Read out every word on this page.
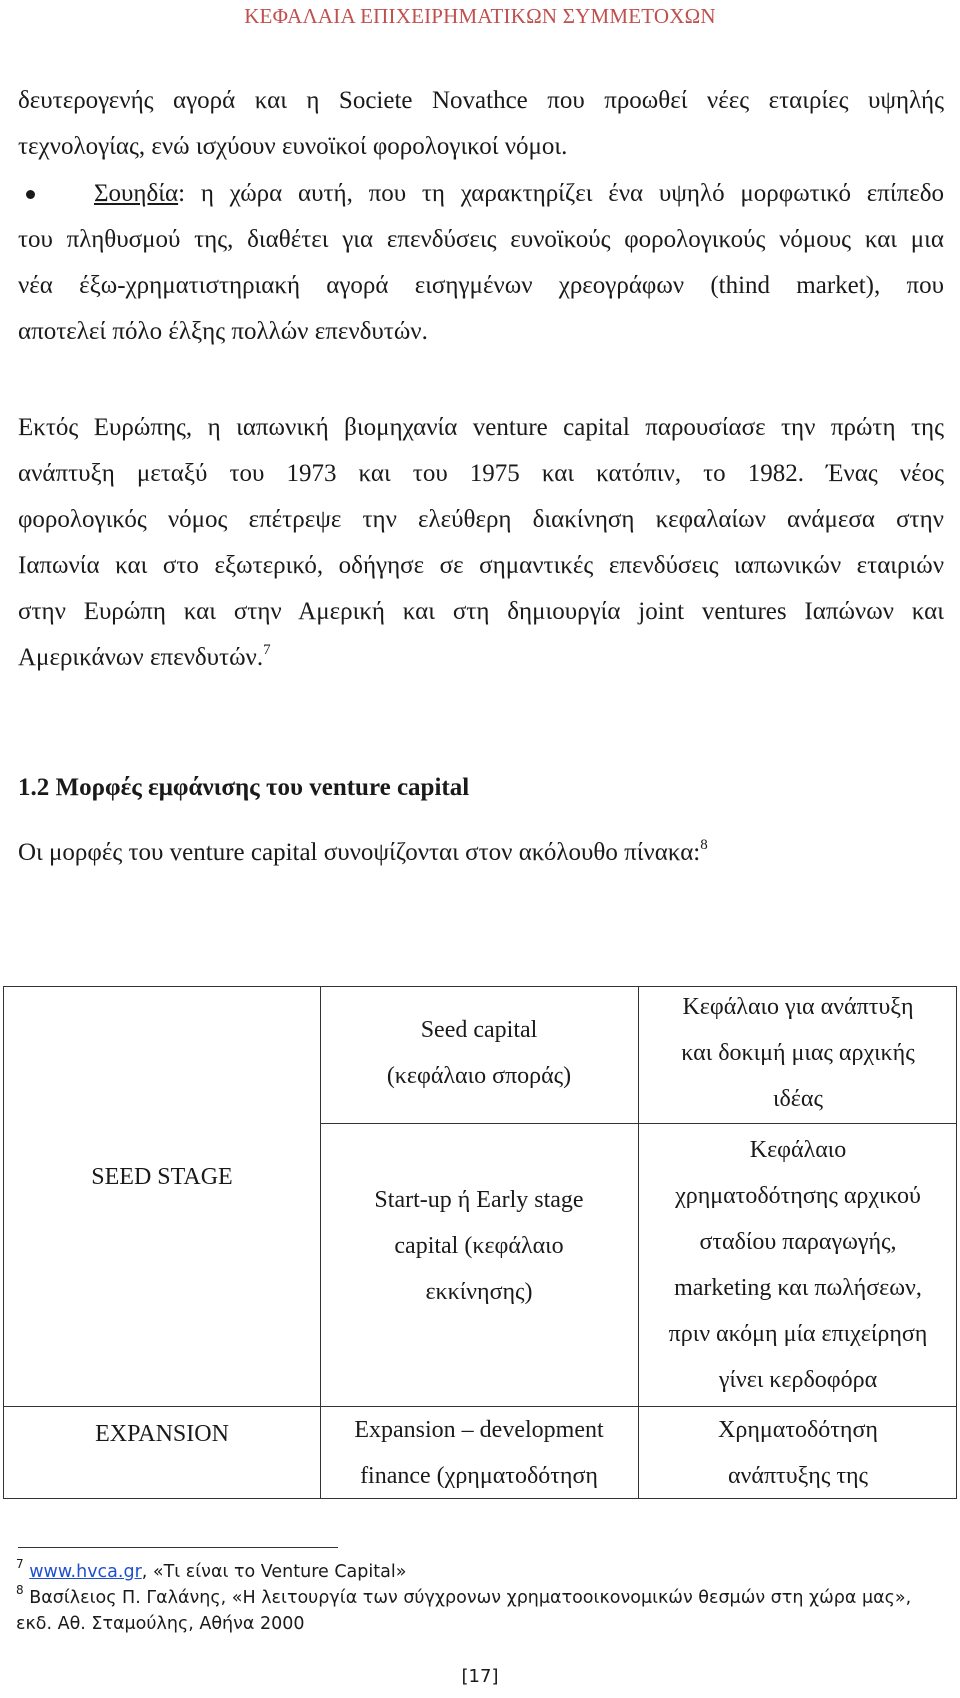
ΚΕΦΑΛΑΙΑ ΕΠΙΧΕΙΡΗΜΑΤΙΚΩΝ ΣΥΜΜΕΤΟΧΩΝ
δευτερογενής αγορά και η Societe Novathce που προωθεί νέες εταιρίες υψηλής
τεχνολογίας, ενώ ισχύουν ευνοϊκοί φορολογικοί νόμοι.
Σουηδία: η χώρα αυτή, που τη χαρακτηρίζει ένα υψηλό μορφωτικό επίπεδο
του πληθυσμού της, διαθέτει για επενδύσεις ευνοϊκούς φορολογικούς νόμους και μια
νέα έξω-χρηματιστηριακή αγορά εισηγμένων χρεογράφων (thind market), που
αποτελεί πόλο έλξης πολλών επενδυτών.
Εκτός Ευρώπης, η ιαπωνική βιομηχανία venture capital παρουσίασε την πρώτη της
ανάπτυξη μεταξύ του 1973 και του 1975 και κατόπιν, το 1982. Ένας νέος
φορολογικός νόμος επέτρεψε την ελεύθερη διακίνηση κεφαλαίων ανάμεσα στην
Ιαπωνία και στο εξωτερικό, οδήγησε σε σημαντικές επενδύσεις ιαπωνικών εταιριών
στην Ευρώπη και στην Αμερική και στη δημιουργία joint ventures Ιαπώνων και
Αμερικάνων επενδυτών.$^7$
1.2 Μορφές εμφάνισης του venture capital
Οι μορφές του venture capital συνοψίζονται στον ακόλουθο πίνακα:$^8$
SEED STAGE
Seed capital
(κεφάλαιο σποράς)
Κεφάλαιο για ανάπτυξη
και δοκιμή μιας αρχικής
ιδέας
Start-up ή Early stage
capital (κεφάλαιο
εκκίνησης)
Κεφάλαιο
χρηματοδότησης αρχικού
σταδίου παραγωγής,
marketing και πωλήσεων,
πριν ακόμη μία επιχείρηση
γίνει κερδοφόρα
EXPANSION	Expansion – development
finance (χρηματοδότηση
Χρηματοδότηση
ανάπτυξης της
$^7$ www.hvca.gr, «Τι είναι το Venture Capital»
$^8$ Βασίλειος Π. Γαλάνης, «Η λειτουργία των σύγχρονων χρηματοοικονομικών θεσμών στη χώρα μας», εκδ. Αθ. Σταμούλης, Αθήνα 2000
[17]
